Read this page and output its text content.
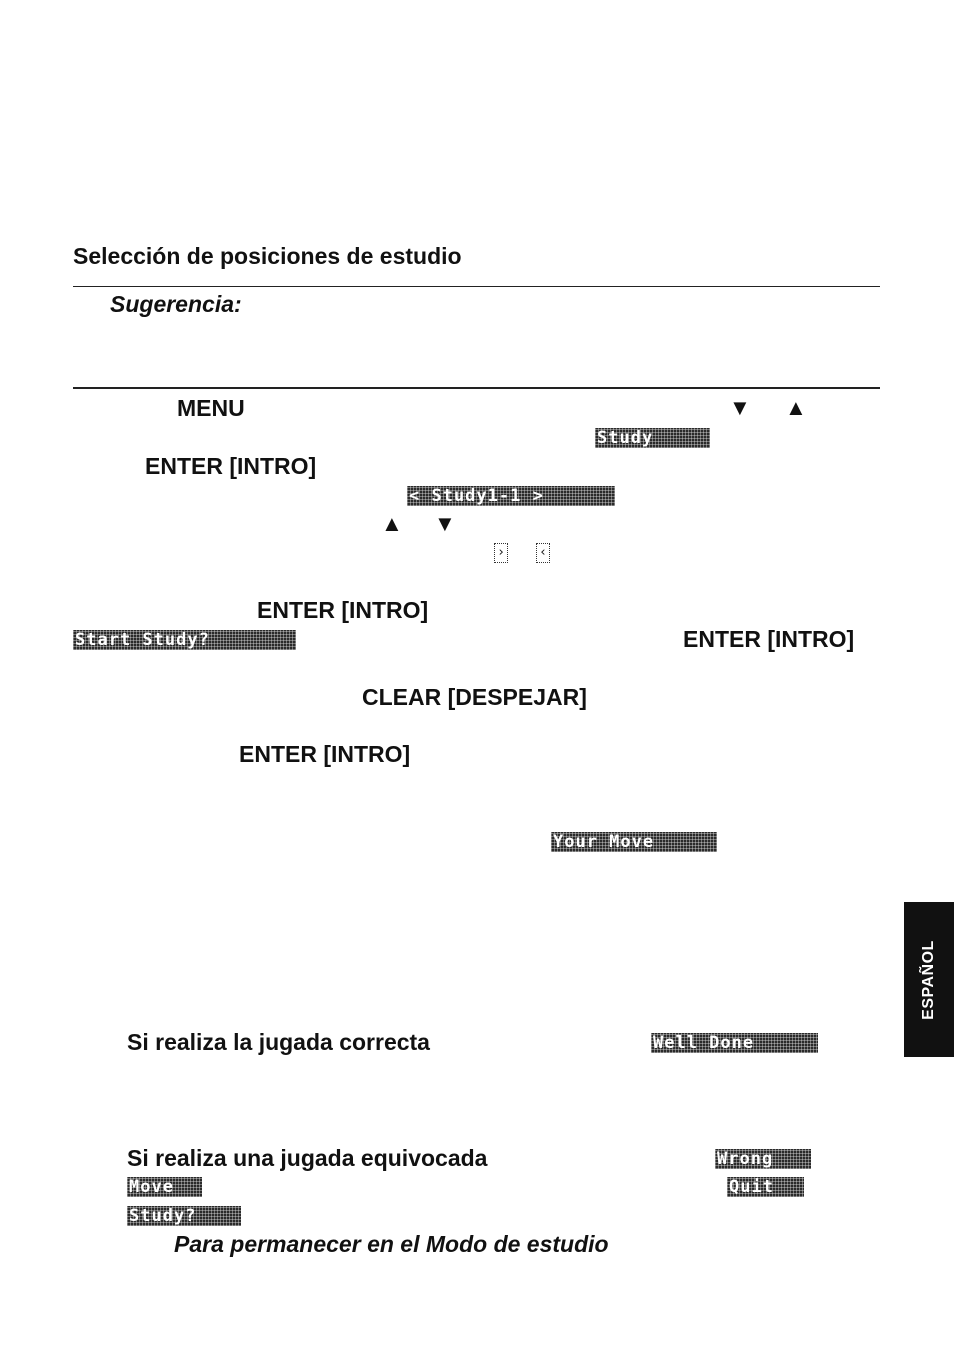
Selección de posiciones de estudio
Sugerencia:
MENU	▼ ▲
Study
ENTER [INTRO]
< Study1-1 >
▲ ▼
›	‹
ENTER [INTRO]
Start Study?	ENTER [INTRO]
CLEAR [DESPEJAR]
ENTER [INTRO]
Your Move
Si realiza la jugada correcta	Well Done
Si realiza una jugada equivocada	Wrong
Move	Quit
Study?
Para permanecer en el Modo de estudio
ESPAÑOL
